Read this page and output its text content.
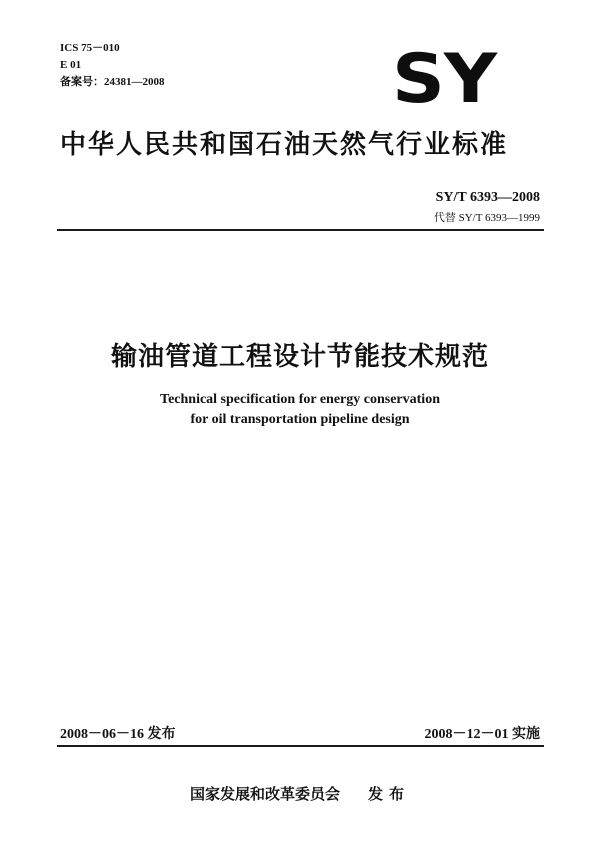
ICS 75－010
E 01
备案号：24381—2008	SY
中华人民共和国石油天然气行业标准
SY/T 6393—2008
代替 SY/T 6393—1999
输油管道工程设计节能技术规范
Technical specification for energy conservation
for oil transportation pipeline design
2008－06－16 发布	2008－12－01 实施
国家发展和改革委员会 发布
